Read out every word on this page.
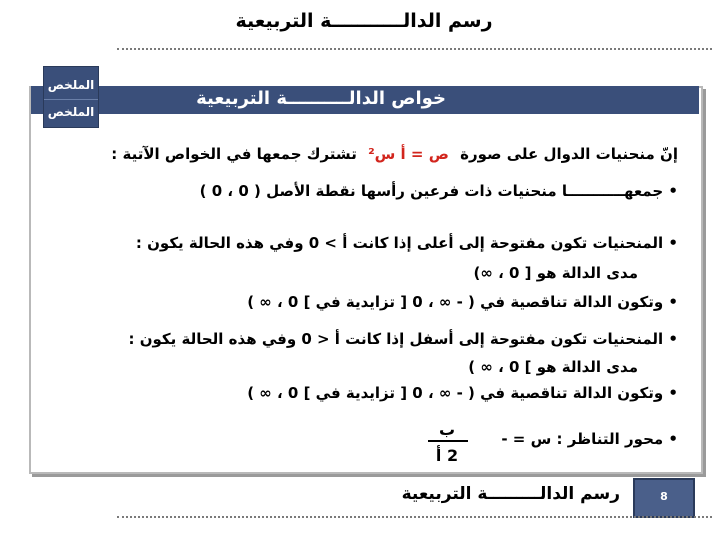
رسم الدالـــــــــــة التربيعية
خواص الدالــــــــــة التربيعية
الملخص
الملخص
إنّ منحنيات الدوال على صورة ص = أ س² تشترك جمعها في الخواص الآتية :
• جمعهـــــــــــا منحنيات ذات فرعين رأسها نقطة الأصل ( 0 ، 0 )
• المنحنيات تكون مفتوحة إلى أعلى إذا كانت أ > 0 وفي هذه الحالة يكون :
مدى الدالة هو [ 0 ، ∞)
• وتكون الدالة تناقصية في ( - ∞ ، 0 [ تزايدية في ] 0 ، ∞ )
• المنحنيات تكون مفتوحة إلى أسفل إذا كانت أ < 0 وفي هذه الحالة يكون :
مدى الدالة هو ] 0 ، ∞ )
• وتكون الدالة تناقصية في ( - ∞ ، 0 [ تزايدية في ] 0 ، ∞ )
• محور التناظر : س = -
ب
2 أ
8
رسم الدالـــــــــة التربيعية
